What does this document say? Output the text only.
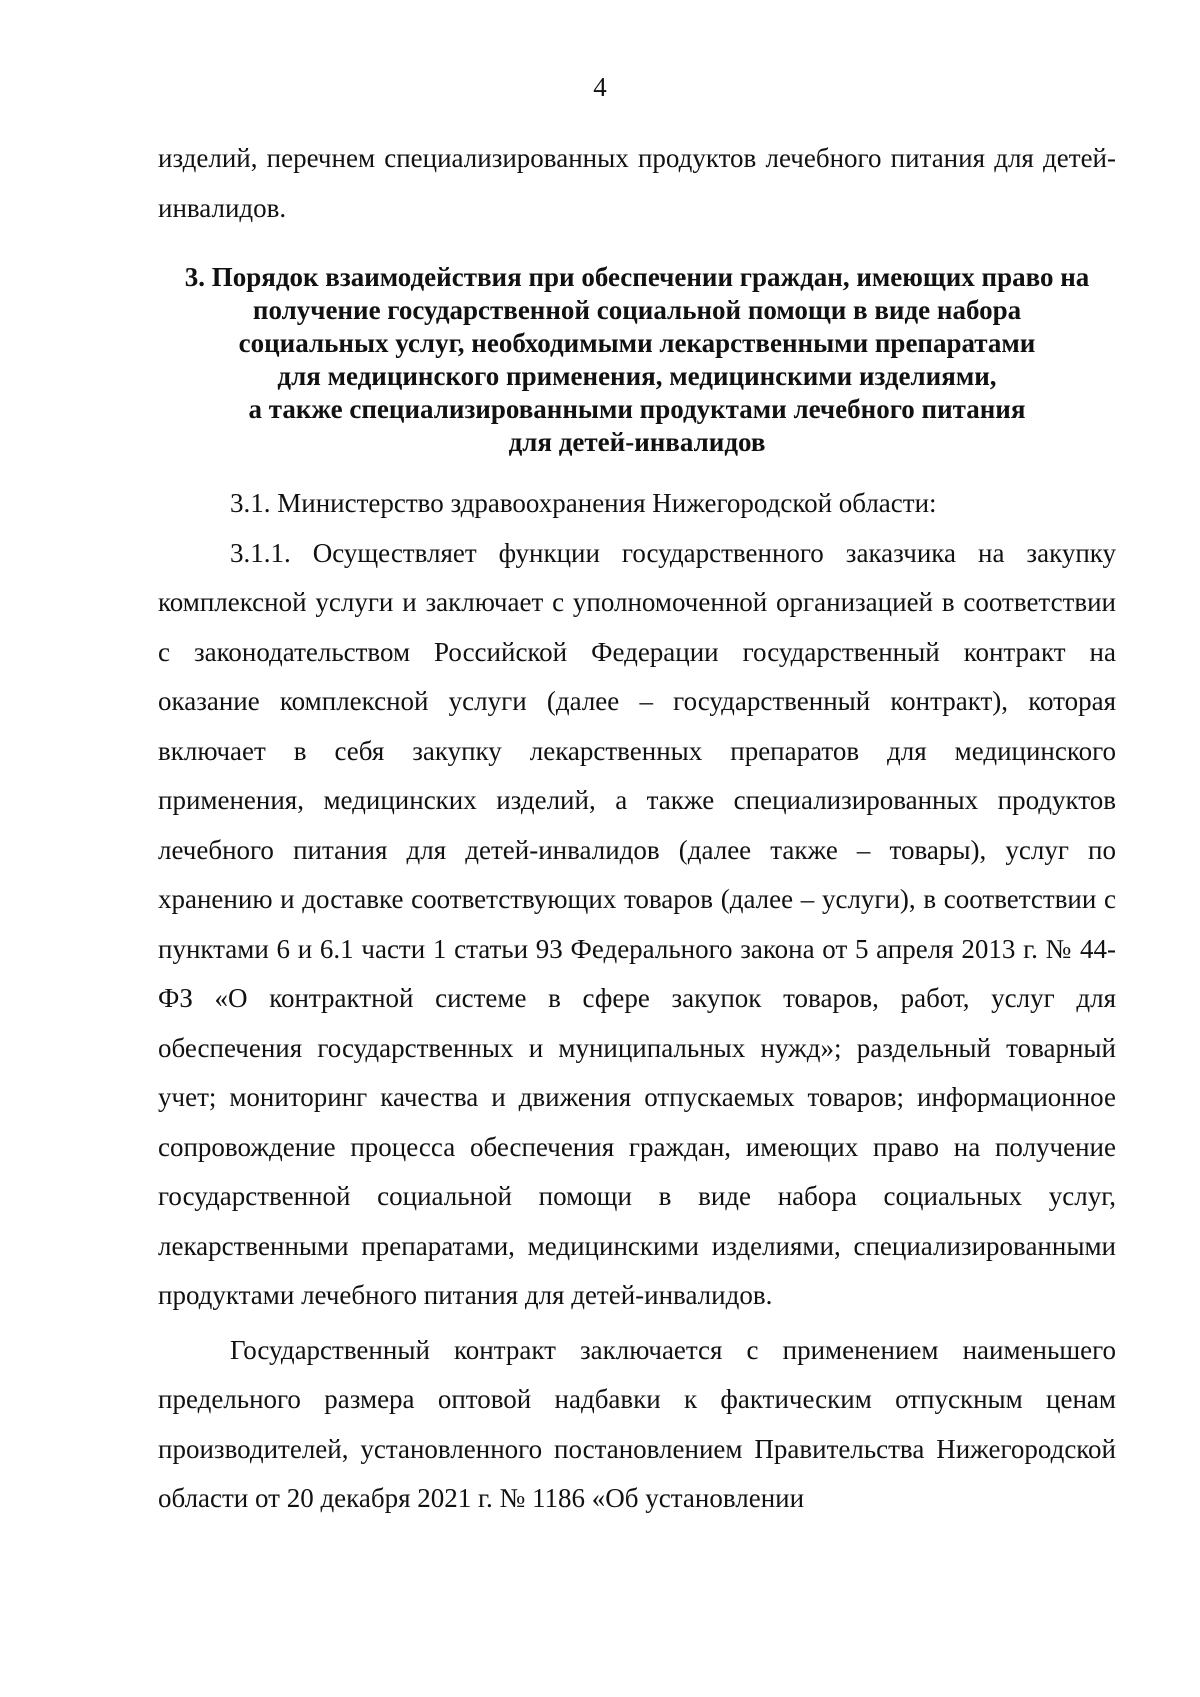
4

изделий, перечнем специализированных продуктов лечебного питания для детей-инвалидов.

3. Порядок взаимодействия при обеспечении граждан, имеющих право на
получение государственной социальной помощи в виде набора
социальных услуг, необходимыми лекарственными препаратами
для медицинского применения, медицинскими изделиями,
а также специализированными продуктами лечебного питания
для детей-инвалидов

3.1. Министерство здравоохранения Нижегородской области:

3.1.1. Осуществляет функции государственного заказчика на закупку комплексной услуги и заключает с уполномоченной организацией в соответствии с законодательством Российской Федерации государственный контракт на оказание комплексной услуги (далее – государственный контракт), которая включает в себя закупку лекарственных препаратов для медицинского применения, медицинских изделий, а также специализированных продуктов лечебного питания для детей-инвалидов (далее также – товары), услуг по хранению и доставке соответствующих товаров (далее – услуги), в соответствии с пунктами 6 и 6.1 части 1 статьи 93 Федерального закона от 5 апреля 2013 г. № 44-ФЗ «О контрактной системе в сфере закупок товаров, работ, услуг для обеспечения государственных и муниципальных нужд»; раздельный товарный учет; мониторинг качества и движения отпускаемых товаров; информационное сопровождение процесса обеспечения граждан, имеющих право на получение государственной социальной помощи в виде набора социальных услуг, лекарственными препаратами, медицинскими изделиями, специализированными продуктами лечебного питания для детей-инвалидов.

Государственный контракт заключается с применением наименьшего предельного размера оптовой надбавки к фактическим отпускным ценам производителей, установленного постановлением Правительства Нижегородской области от 20 декабря 2021 г. № 1186 «Об установлении
